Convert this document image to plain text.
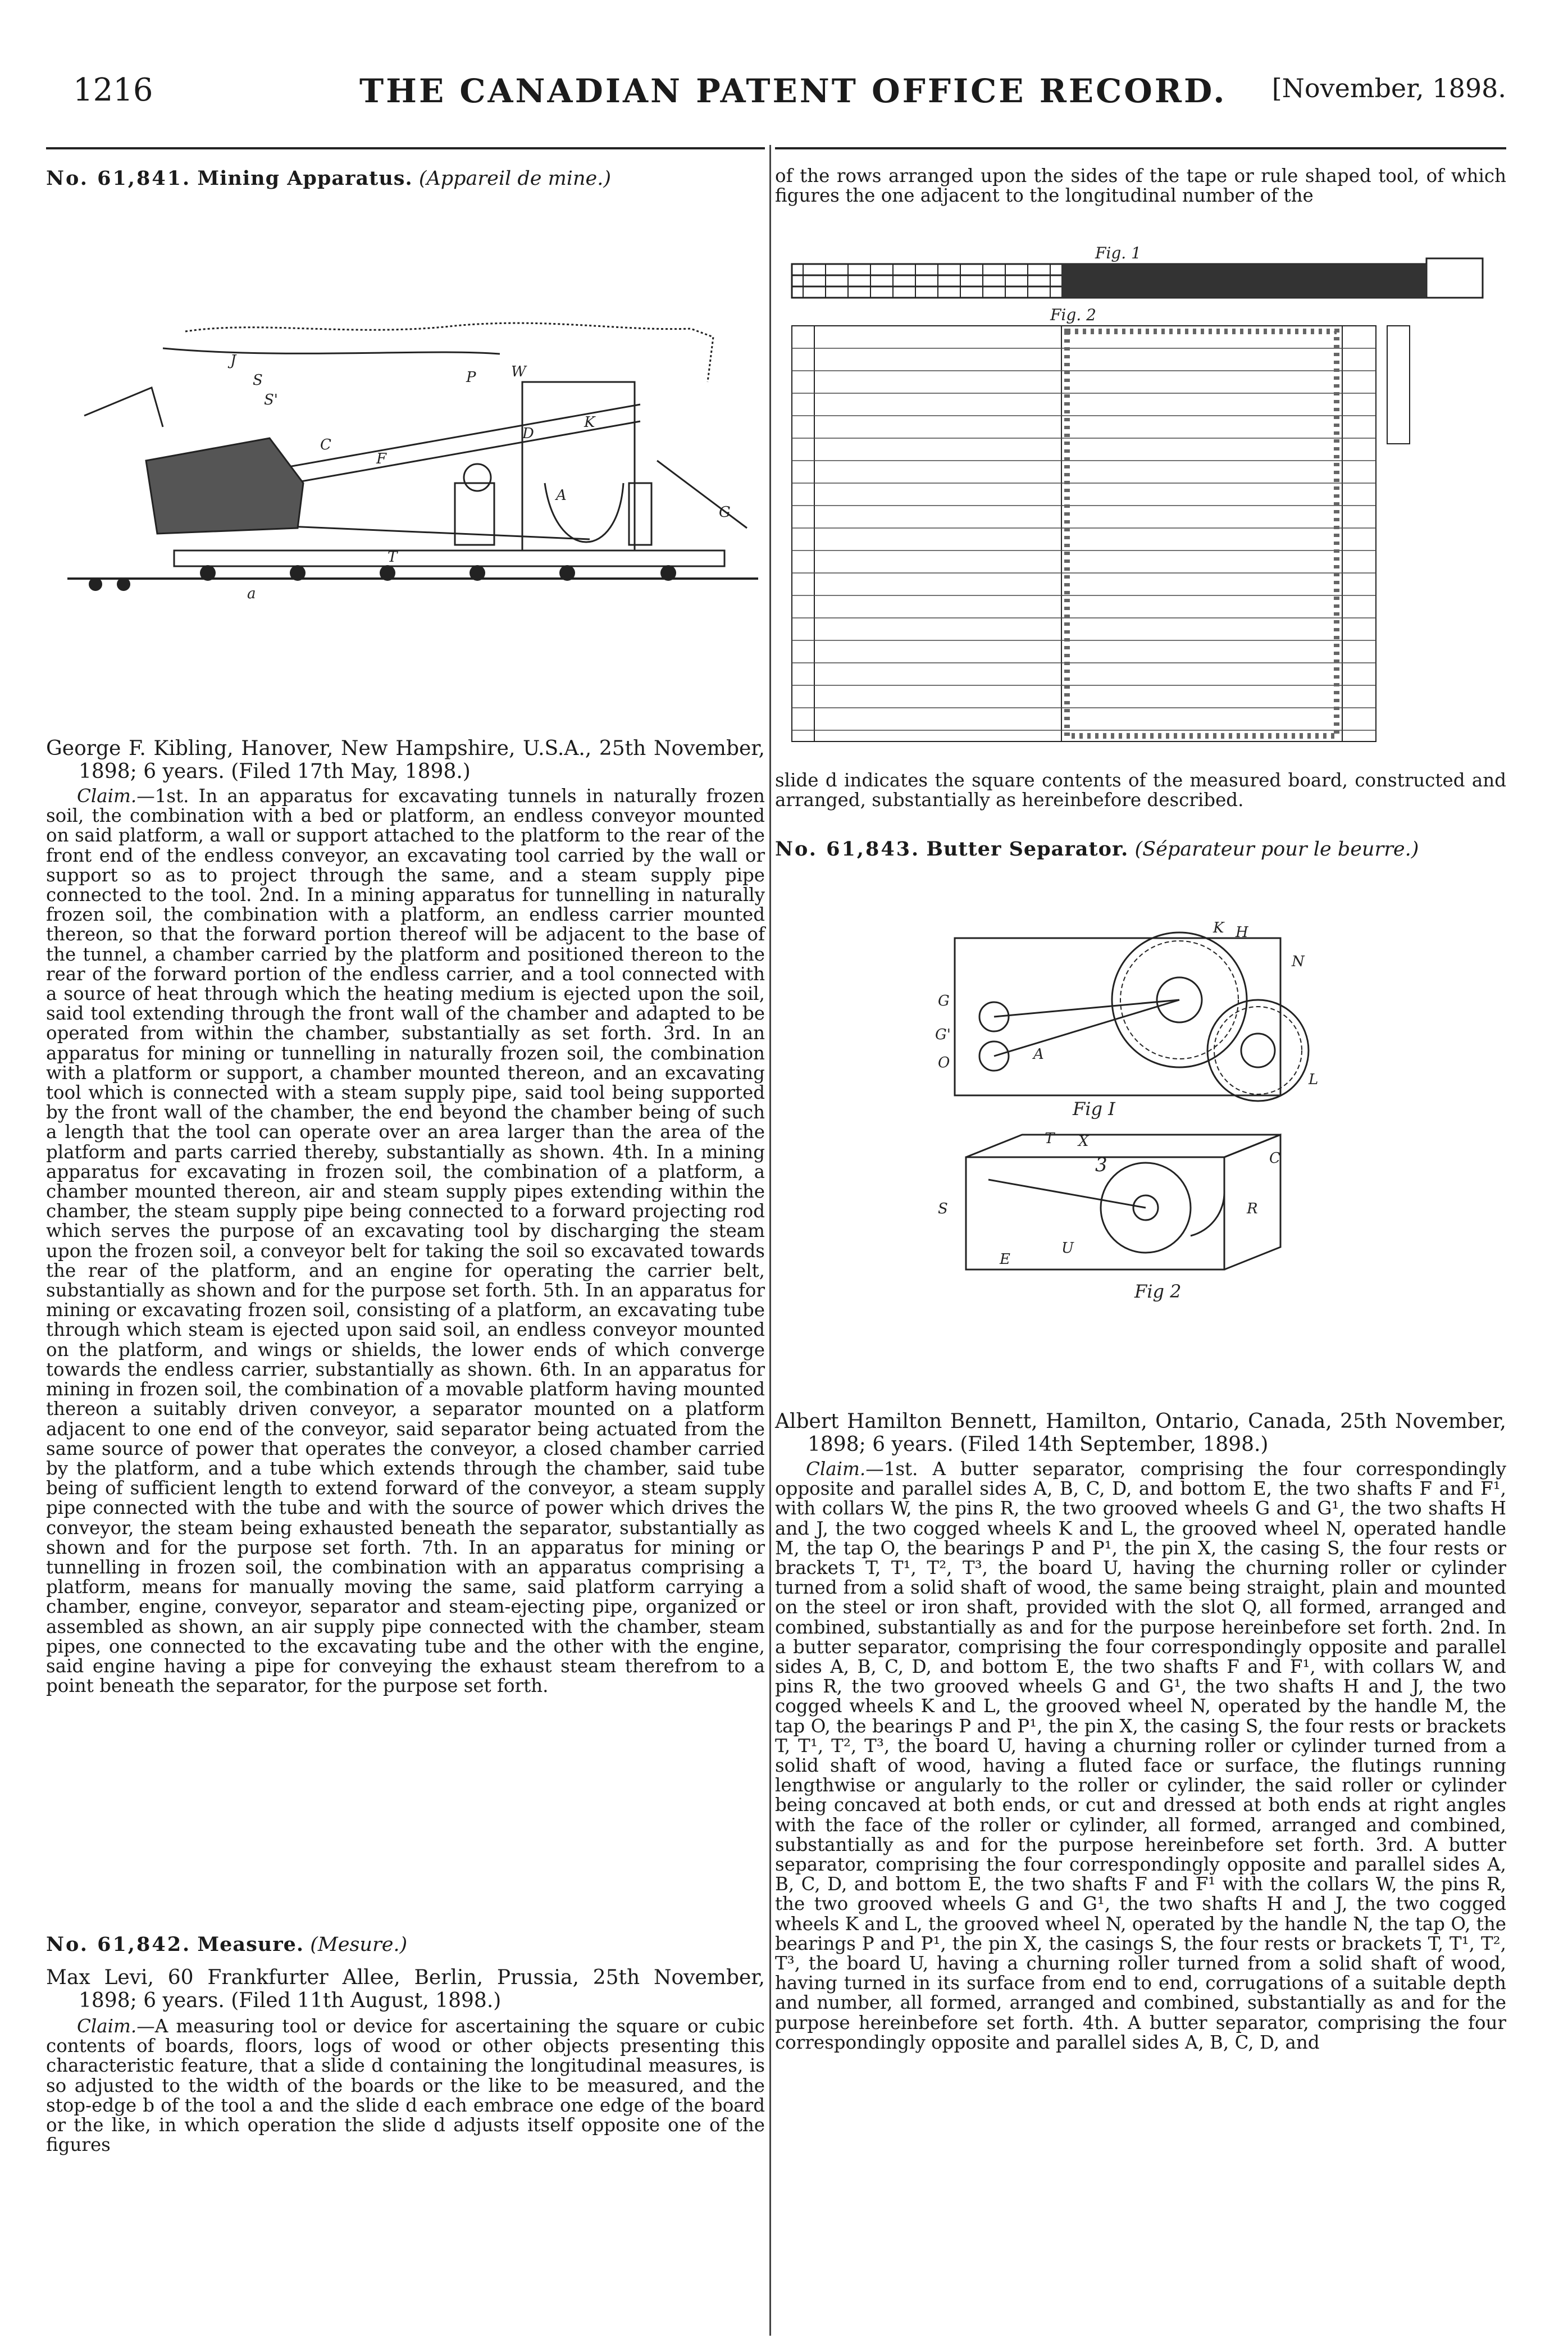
1216	THE CANADIAN PATENT OFFICE RECORD. [November, 1898.
No. 61,841. Mining Apparatus. (Appareil de mine.)
J
S
S'
C
F
P W
D
K
A
G
a
T

George F. Kibling, Hanover, New Hampshire, U.S.A., 25th November, 1898; 6 years. (Filed 17th May, 1898.)

Claim.—1st. In an apparatus for excavating tunnels in naturally frozen soil, the combination with a bed or platform, an endless conveyor mounted on said platform, a wall or support attached to the platform to the rear of the front end of the endless conveyor, an excavating tool carried by the wall or support so as to project through the same, and a steam supply pipe connected to the tool. 2nd. In a mining apparatus for tunnelling in naturally frozen soil, the combination with a platform, an endless carrier mounted thereon, so that the forward portion thereof will be adjacent to the base of the tunnel, a chamber carried by the platform and positioned thereon to the rear of the forward portion of the endless carrier, and a tool connected with a source of heat through which the heating medium is ejected upon the soil, said tool extending through the front wall of the chamber and adapted to be operated from within the chamber, substantially as set forth. 3rd. In an apparatus for mining or tunnelling in naturally frozen soil, the combination with a platform or support, a chamber mounted thereon, and an excavating tool which is connected with a steam supply pipe, said tool being supported by the front wall of the chamber, the end beyond the chamber being of such a length that the tool can operate over an area larger than the area of the platform and parts carried thereby, substantially as shown. 4th. In a mining apparatus for excavating in frozen soil, the combination of a platform, a chamber mounted thereon, air and steam supply pipes extending within the chamber, the steam supply pipe being connected to a forward projecting rod which serves the purpose of an excavating tool by discharging the steam upon the frozen soil, a conveyor belt for taking the soil so excavated towards the rear of the platform, and an engine for operating the carrier belt, substantially as shown and for the purpose set forth. 5th. In an apparatus for mining or excavating frozen soil, consisting of a platform, an excavating tube through which steam is ejected upon said soil, an endless conveyor mounted on the platform, and wings or shields, the lower ends of which converge towards the endless carrier, substantially as shown. 6th. In an apparatus for mining in frozen soil, the combination of a movable platform having mounted thereon a suitably driven conveyor, a separator mounted on a platform adjacent to one end of the conveyor, said separator being actuated from the same source of power that operates the conveyor, a closed chamber carried by the platform, and a tube which extends through the chamber, said tube being of sufficient length to extend forward of the conveyor, a steam supply pipe connected with the tube and with the source of power which drives the conveyor, the steam being exhausted beneath the separator, substantially as shown and for the purpose set forth. 7th. In an apparatus for mining or tunnelling in frozen soil, the combination with an apparatus comprising a platform, means for manually moving the same, said platform carrying a chamber, engine, conveyor, separator and steam-ejecting pipe, organized or assembled as shown, an air supply pipe connected with the chamber, steam pipes, one connected to the excavating tube and the other with the engine, said engine having a pipe for conveying the exhaust steam therefrom to a point beneath the separator, for the purpose set forth.

No. 61,842. Measure. (Mesure.)

Max Levi, 60 Frankfurter Allee, Berlin, Prussia, 25th November, 1898; 6 years. (Filed 11th August, 1898.)

Claim.—A measuring tool or device for ascertaining the square or cubic contents of boards, floors, logs of wood or other objects presenting this characteristic feature, that a slide d containing the longitudinal measures, is so adjusted to the width of the boards or the like to be measured, and the stop-edge b of the tool a and the slide d each embrace one edge of the board or the like, in which operation the slide d adjusts itself opposite one of the figures

of the rows arranged upon the sides of the tape or rule shaped tool, of which figures the one adjacent to the longitudinal number of the

Fig. 1
Fig. 2

slide d indicates the square contents of the measured board, constructed and arranged, substantially as hereinbefore described.

No. 61,843. Butter Separator. (Séparateur pour le beurre.)
K H
N
G
G'
O	A
L
Fig I
T X
3	C
S	R
U
E
Fig 2

Albert Hamilton Bennett, Hamilton, Ontario, Canada, 25th November, 1898; 6 years. (Filed 14th September, 1898.)

Claim.—1st. A butter separator, comprising the four correspondingly opposite and parallel sides A, B, C, D, and bottom E, the two shafts F and F¹, with collars W, the pins R, the two grooved wheels G and G¹, the two shafts H and J, the two cogged wheels K and L, the grooved wheel N, operated handle M, the tap O, the bearings P and P¹, the pin X, the casing S, the four rests or brackets T, T¹, T², T³, the board U, having the churning roller or cylinder turned from a solid shaft of wood, the same being straight, plain and mounted on the steel or iron shaft, provided with the slot Q, all formed, arranged and combined, substantially as and for the purpose hereinbefore set forth. 2nd. In a butter separator, comprising the four correspondingly opposite and parallel sides A, B, C, D, and bottom E, the two shafts F and F¹, with collars W, and pins R, the two grooved wheels G and G¹, the two shafts H and J, the two cogged wheels K and L, the grooved wheel N, operated by the handle M, the tap O, the bearings P and P¹, the pin X, the casing S, the four rests or brackets T, T¹, T², T³, the board U, having a churning roller or cylinder turned from a solid shaft of wood, having a fluted face or surface, the flutings running lengthwise or angularly to the roller or cylinder, the said roller or cylinder being concaved at both ends, or cut and dressed at both ends at right angles with the face of the roller or cylinder, all formed, arranged and combined, substantially as and for the purpose hereinbefore set forth. 3rd. A butter separator, comprising the four correspondingly opposite and parallel sides A, B, C, D, and bottom E, the two shafts F and F¹ with the collars W, the pins R, the two grooved wheels G and G¹, the two shafts H and J, the two cogged wheels K and L, the grooved wheel N, operated by the handle N, the tap O, the bearings P and P¹, the pin X, the casings S, the four rests or brackets T, T¹, T², T³, the board U, having a churning roller turned from a solid shaft of wood, having turned in its surface from end to end, corrugations of a suitable depth and number, all formed, arranged and combined, substantially as and for the purpose hereinbefore set forth. 4th. A butter separator, comprising the four correspondingly opposite and parallel sides A, B, C, D, and
